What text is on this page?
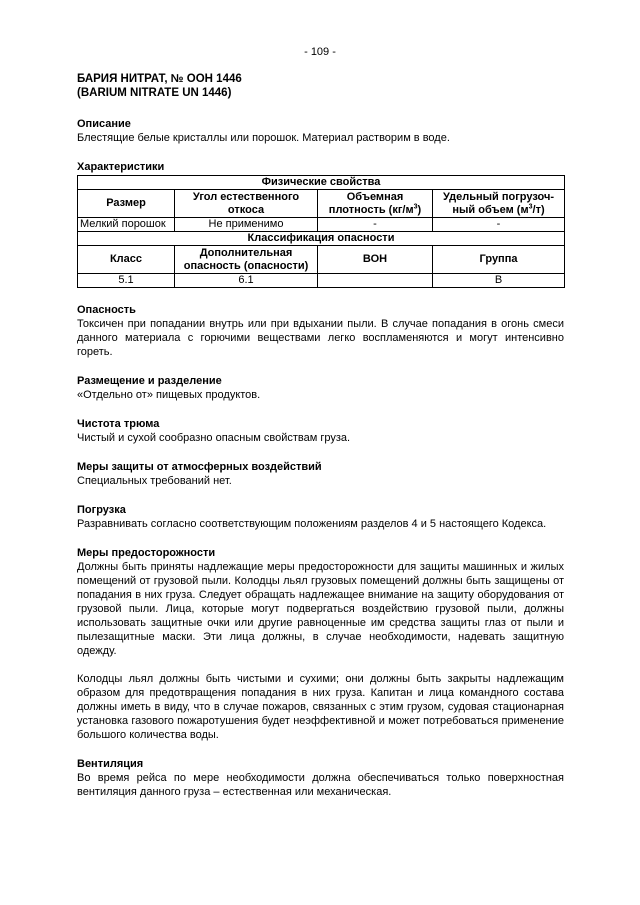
- 109 -
БАРИЯ НИТРАТ, № ООН 1446
(BARIUM NITRATE UN 1446)

Описание

Блестящие белые кристаллы или порошок. Материал растворим в воде.

Характеристики

Физические свойства			
Размер	Угол естественного откоса	Объемная плотность $(кг/м^3)$	Удельный погрузочный объем $(м^3/т)$
Мелкий порошок	Не применимо	-	-
Классификация опасности			
Класс	Дополнительная опасность (опасности)	ВОН	Группа
5.1	6.1		B

Опасность

Токсичен при попадании внутрь или при вдыхании пыли. В случае попадания в огонь смеси данного материала с горючими веществами легко воспламеняются и могут интенсивно гореть.

Размещение и разделение

«Отдельно от» пищевых продуктов.

Чистота трюма

Чистый и сухой сообразно опасным свойствам груза.

Меры защиты от атмосферных воздействий

Специальных требований нет.

Погрузка

Разравнивать согласно соответствующим положениям разделов 4 и 5 настоящего Кодекса.

Меры предосторожности

Должны быть приняты надлежащие меры предосторожности для защиты машинных и жилых помещений от грузовой пыли. Колодцы льял грузовых помещений должны быть защищены от попадания в них груза. Следует обращать надлежащее внимание на защиту оборудования от грузовой пыли. Лица, которые могут подвергаться воздействию грузовой пыли, должны использовать защитные очки или другие равноценные им средства защиты глаз от пыли и пылезащитные маски. Эти лица должны, в случае необходимости, надевать защитную одежду.

Колодцы льял должны быть чистыми и сухими; они должны быть закрыты надлежащим образом для предотвращения попадания в них груза. Капитан и лица командного состава должны иметь в виду, что в случае пожаров, связанных с этим грузом, судовая стационарная установка газового пожаротушения будет неэффективной и может потребоваться применение большого количества воды.

Вентиляция

Во время рейса по мере необходимости должна обеспечиваться только поверхностная вентиляция данного груза – естественная или механическая.
